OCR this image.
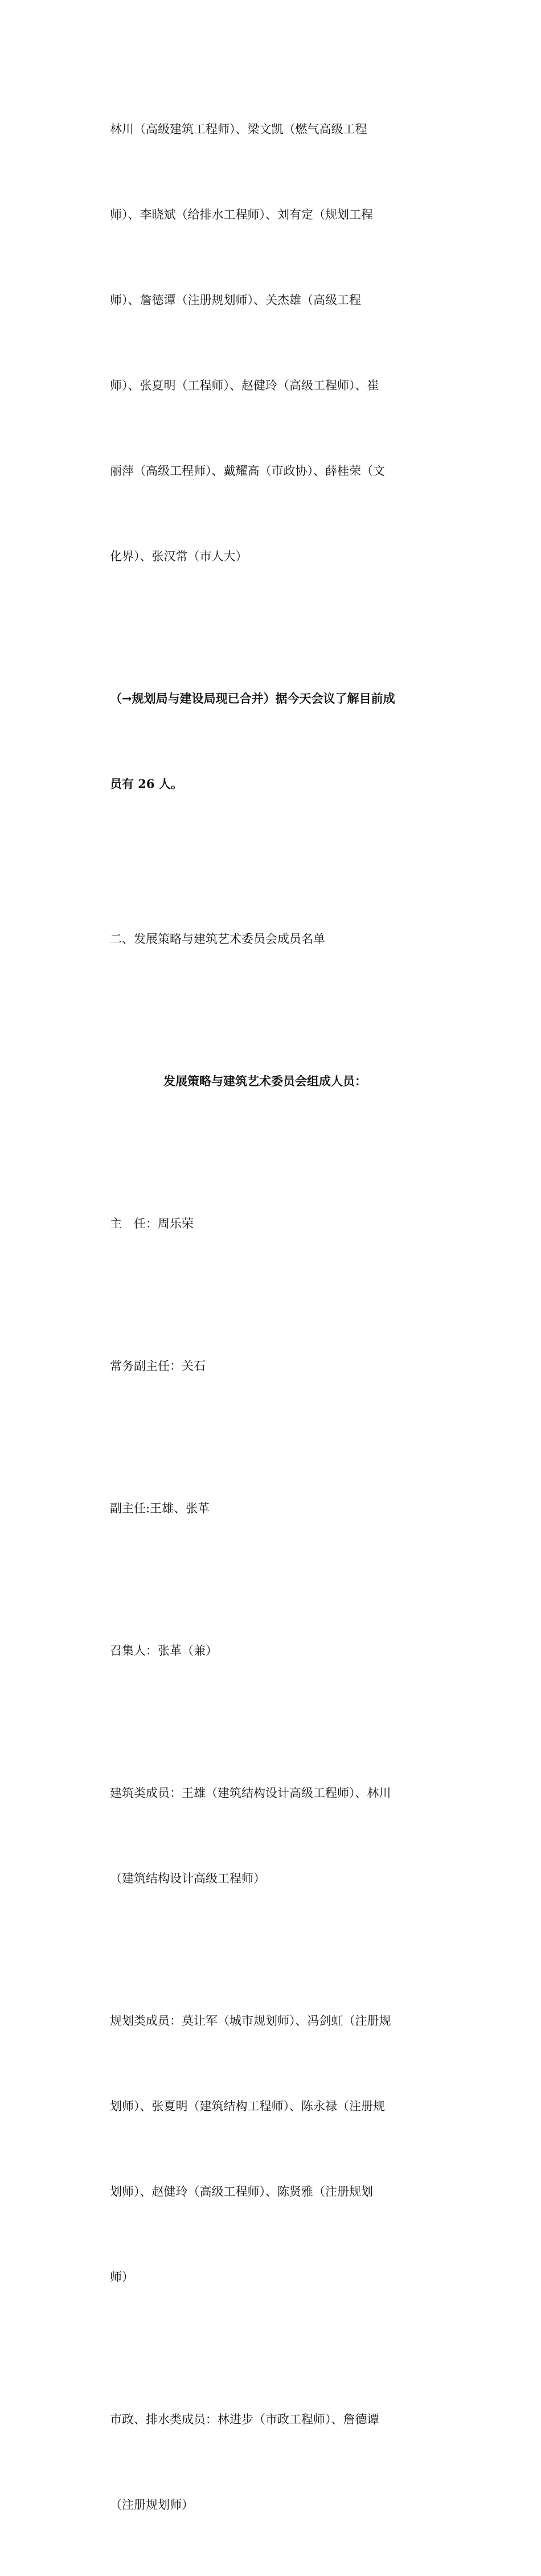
林川（高级建筑工程师）、梁文凯（燃气高级工程

师）、李晓斌（给排水工程师）、刘有定（规划工程

师）、詹德谭（注册规划师）、关杰雄（高级工程

师）、张夏明（工程师）、赵健玲（高级工程师）、崔

丽萍（高级工程师）、戴耀高（市政协）、薛桂荣（文

化界）、张汉常（市人大）

（→规划局与建设局现已合并）据今天会议了解目前成

员有 26 人。

二、发展策略与建筑艺术委员会成员名单

发展策略与建筑艺术委员会组成人员：

主　任：周乐荣

常务副主任：关石

副主任:王雄、张革

召集人：张革（兼）

建筑类成员：王雄（建筑结构设计高级工程师）、林川

（建筑结构设计高级工程师）

规划类成员：莫让军（城市规划师）、冯剑虹（注册规

划师）、张夏明（建筑结构工程师）、陈永禄（注册规

划师）、赵健玲（高级工程师）、陈贤雅（注册规划

师）

市政、排水类成员：林进步（市政工程师）、詹德谭

（注册规划师）
